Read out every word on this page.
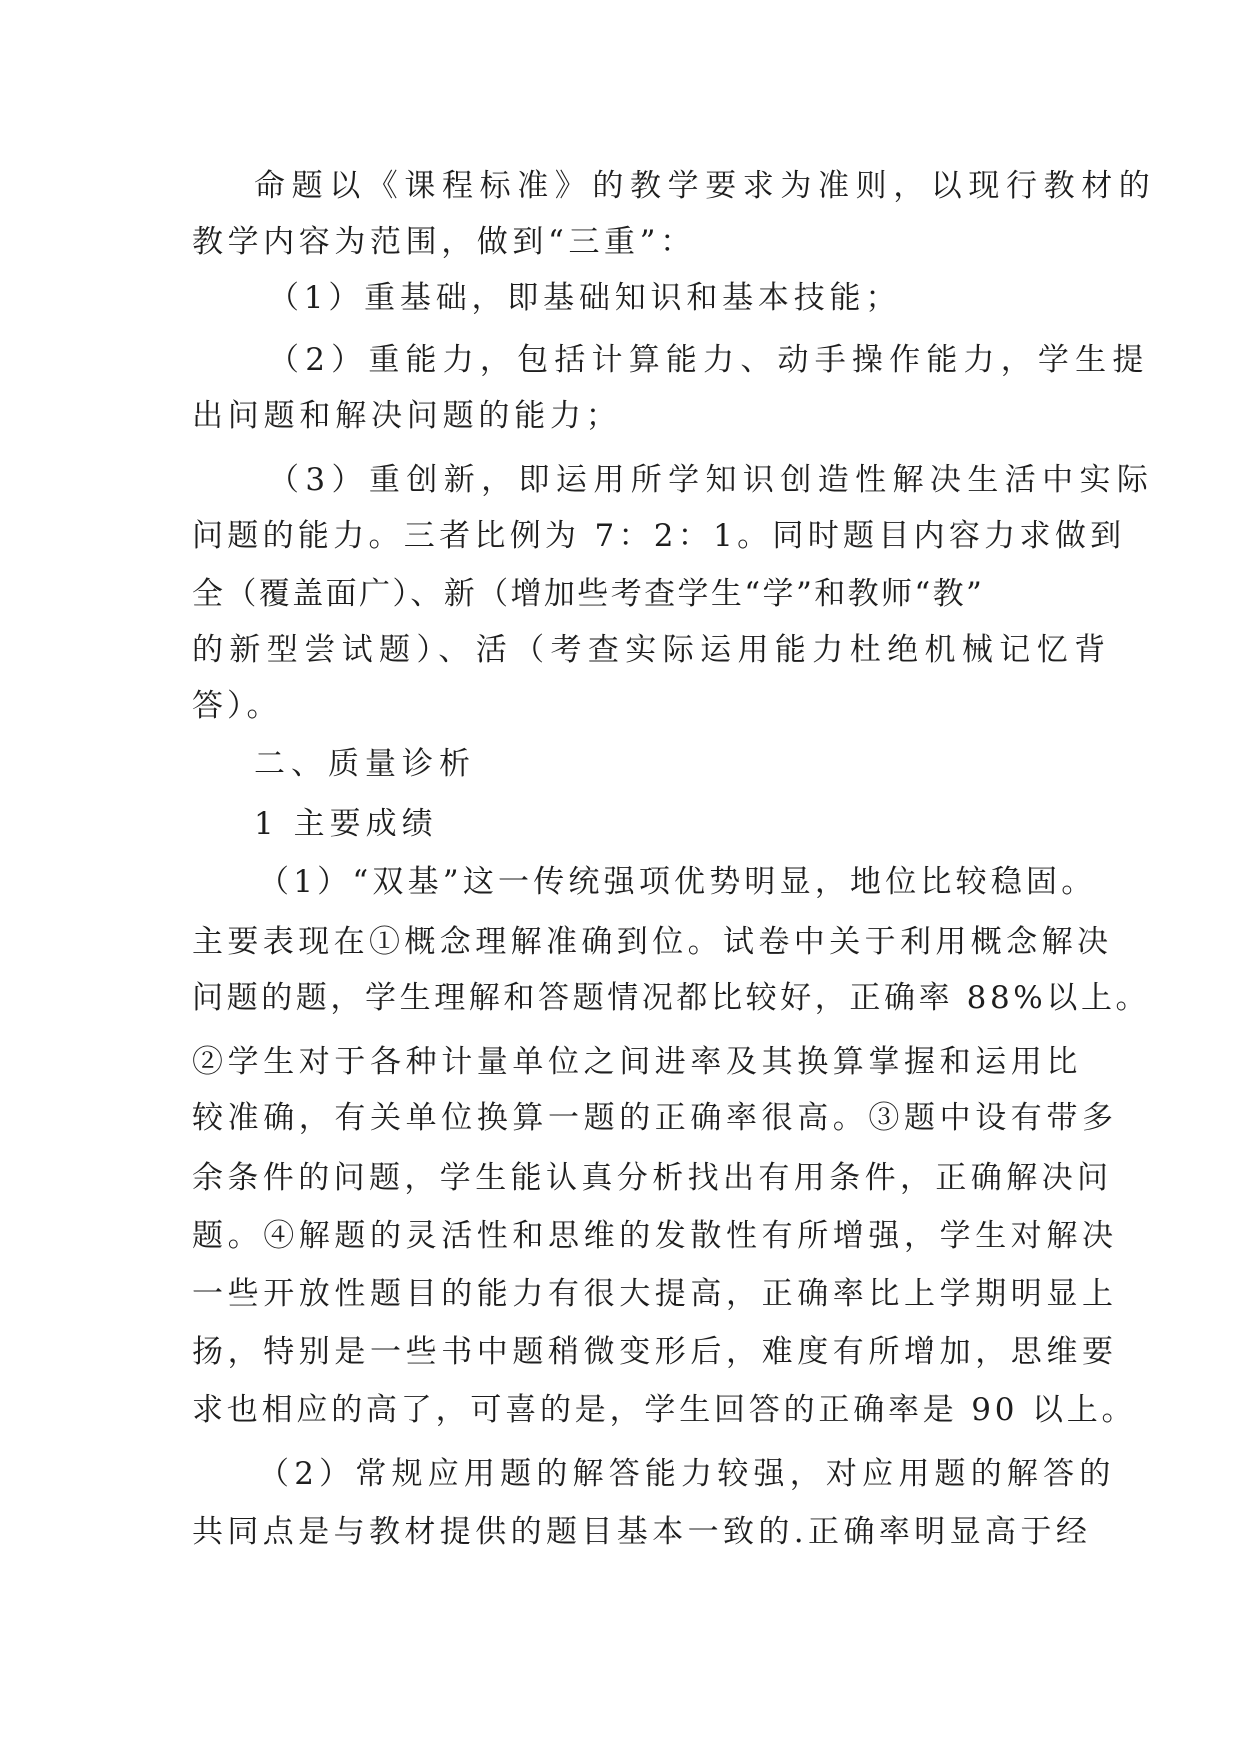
命题以《课程标准》的教学要求为准则，以现行教材的
教学内容为范围，做到“三重”：
（1）重基础，即基础知识和基本技能；
（2）重能力，包括计算能力、动手操作能力，学生提
出问题和解决问题的能力；
（3）重创新，即运用所学知识创造性解决生活中实际
问题的能力。三者比例为 7：2：1。同时题目内容力求做到
全（覆盖面广）、新（增加些考查学生“学”和教师“教”
的新型尝试题）、活（考查实际运用能力杜绝机械记忆背
答）。
二、质量诊析
1 主要成绩
（1）“双基”这一传统强项优势明显，地位比较稳固。
主要表现在①概念理解准确到位。试卷中关于利用概念解决
问题的题，学生理解和答题情况都比较好，正确率 88%以上。
②学生对于各种计量单位之间进率及其换算掌握和运用比
较准确，有关单位换算一题的正确率很高。③题中设有带多
余条件的问题，学生能认真分析找出有用条件，正确解决问
题。④解题的灵活性和思维的发散性有所增强，学生对解决
一些开放性题目的能力有很大提高，正确率比上学期明显上
扬，特别是一些书中题稍微变形后，难度有所增加，思维要
求也相应的高了，可喜的是，学生回答的正确率是 90 以上。
（2）常规应用题的解答能力较强，对应用题的解答的
共同点是与教材提供的题目基本一致的.正确率明显高于经
